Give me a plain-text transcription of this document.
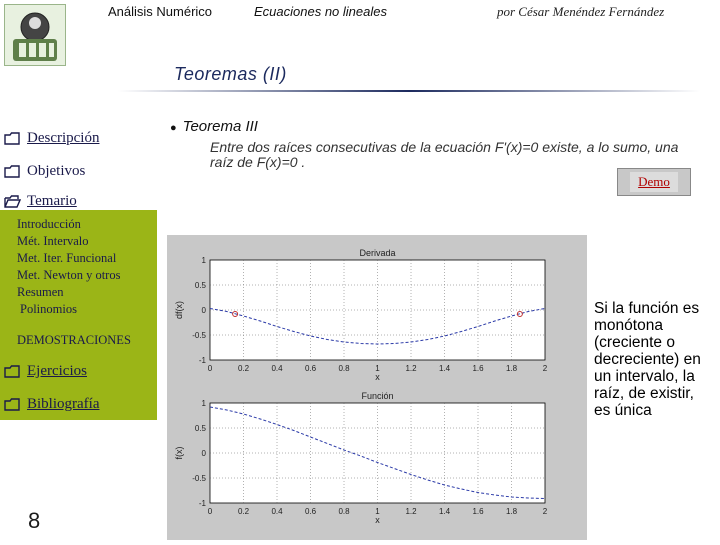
Análisis Numérico	Ecuaciones no lineales	por César Menéndez Fernández
Teoremas (II)
Descripción
Objetivos
Temario
Introducción
Mét. Intervalo
Met. Iter. Funcional
Met. Newton y otros
Resumen
Polinomios
DEMOSTRACIONES
Ejercicios
Bibliografía
8
● Teorema III
Entre dos raíces consecutivas de la ecuación F'(x)=0 existe, a lo sumo, una raíz de F(x)=0 .
Demo
0	0.2	0.4	0.6	0.8	1	1.2	1.4	1.6	1.8	2
1
0.5
0
-0.5
-1
Derivada
x
df(x)
0	0.2	0.4	0.6	0.8	1	1.2	1.4	1.6	1.8	2
1
0.5
0
-0.5
-1
Función
x
f(x)
Si la función es monótona (creciente o decreciente) en un intervalo, la raíz, de existir, es única
